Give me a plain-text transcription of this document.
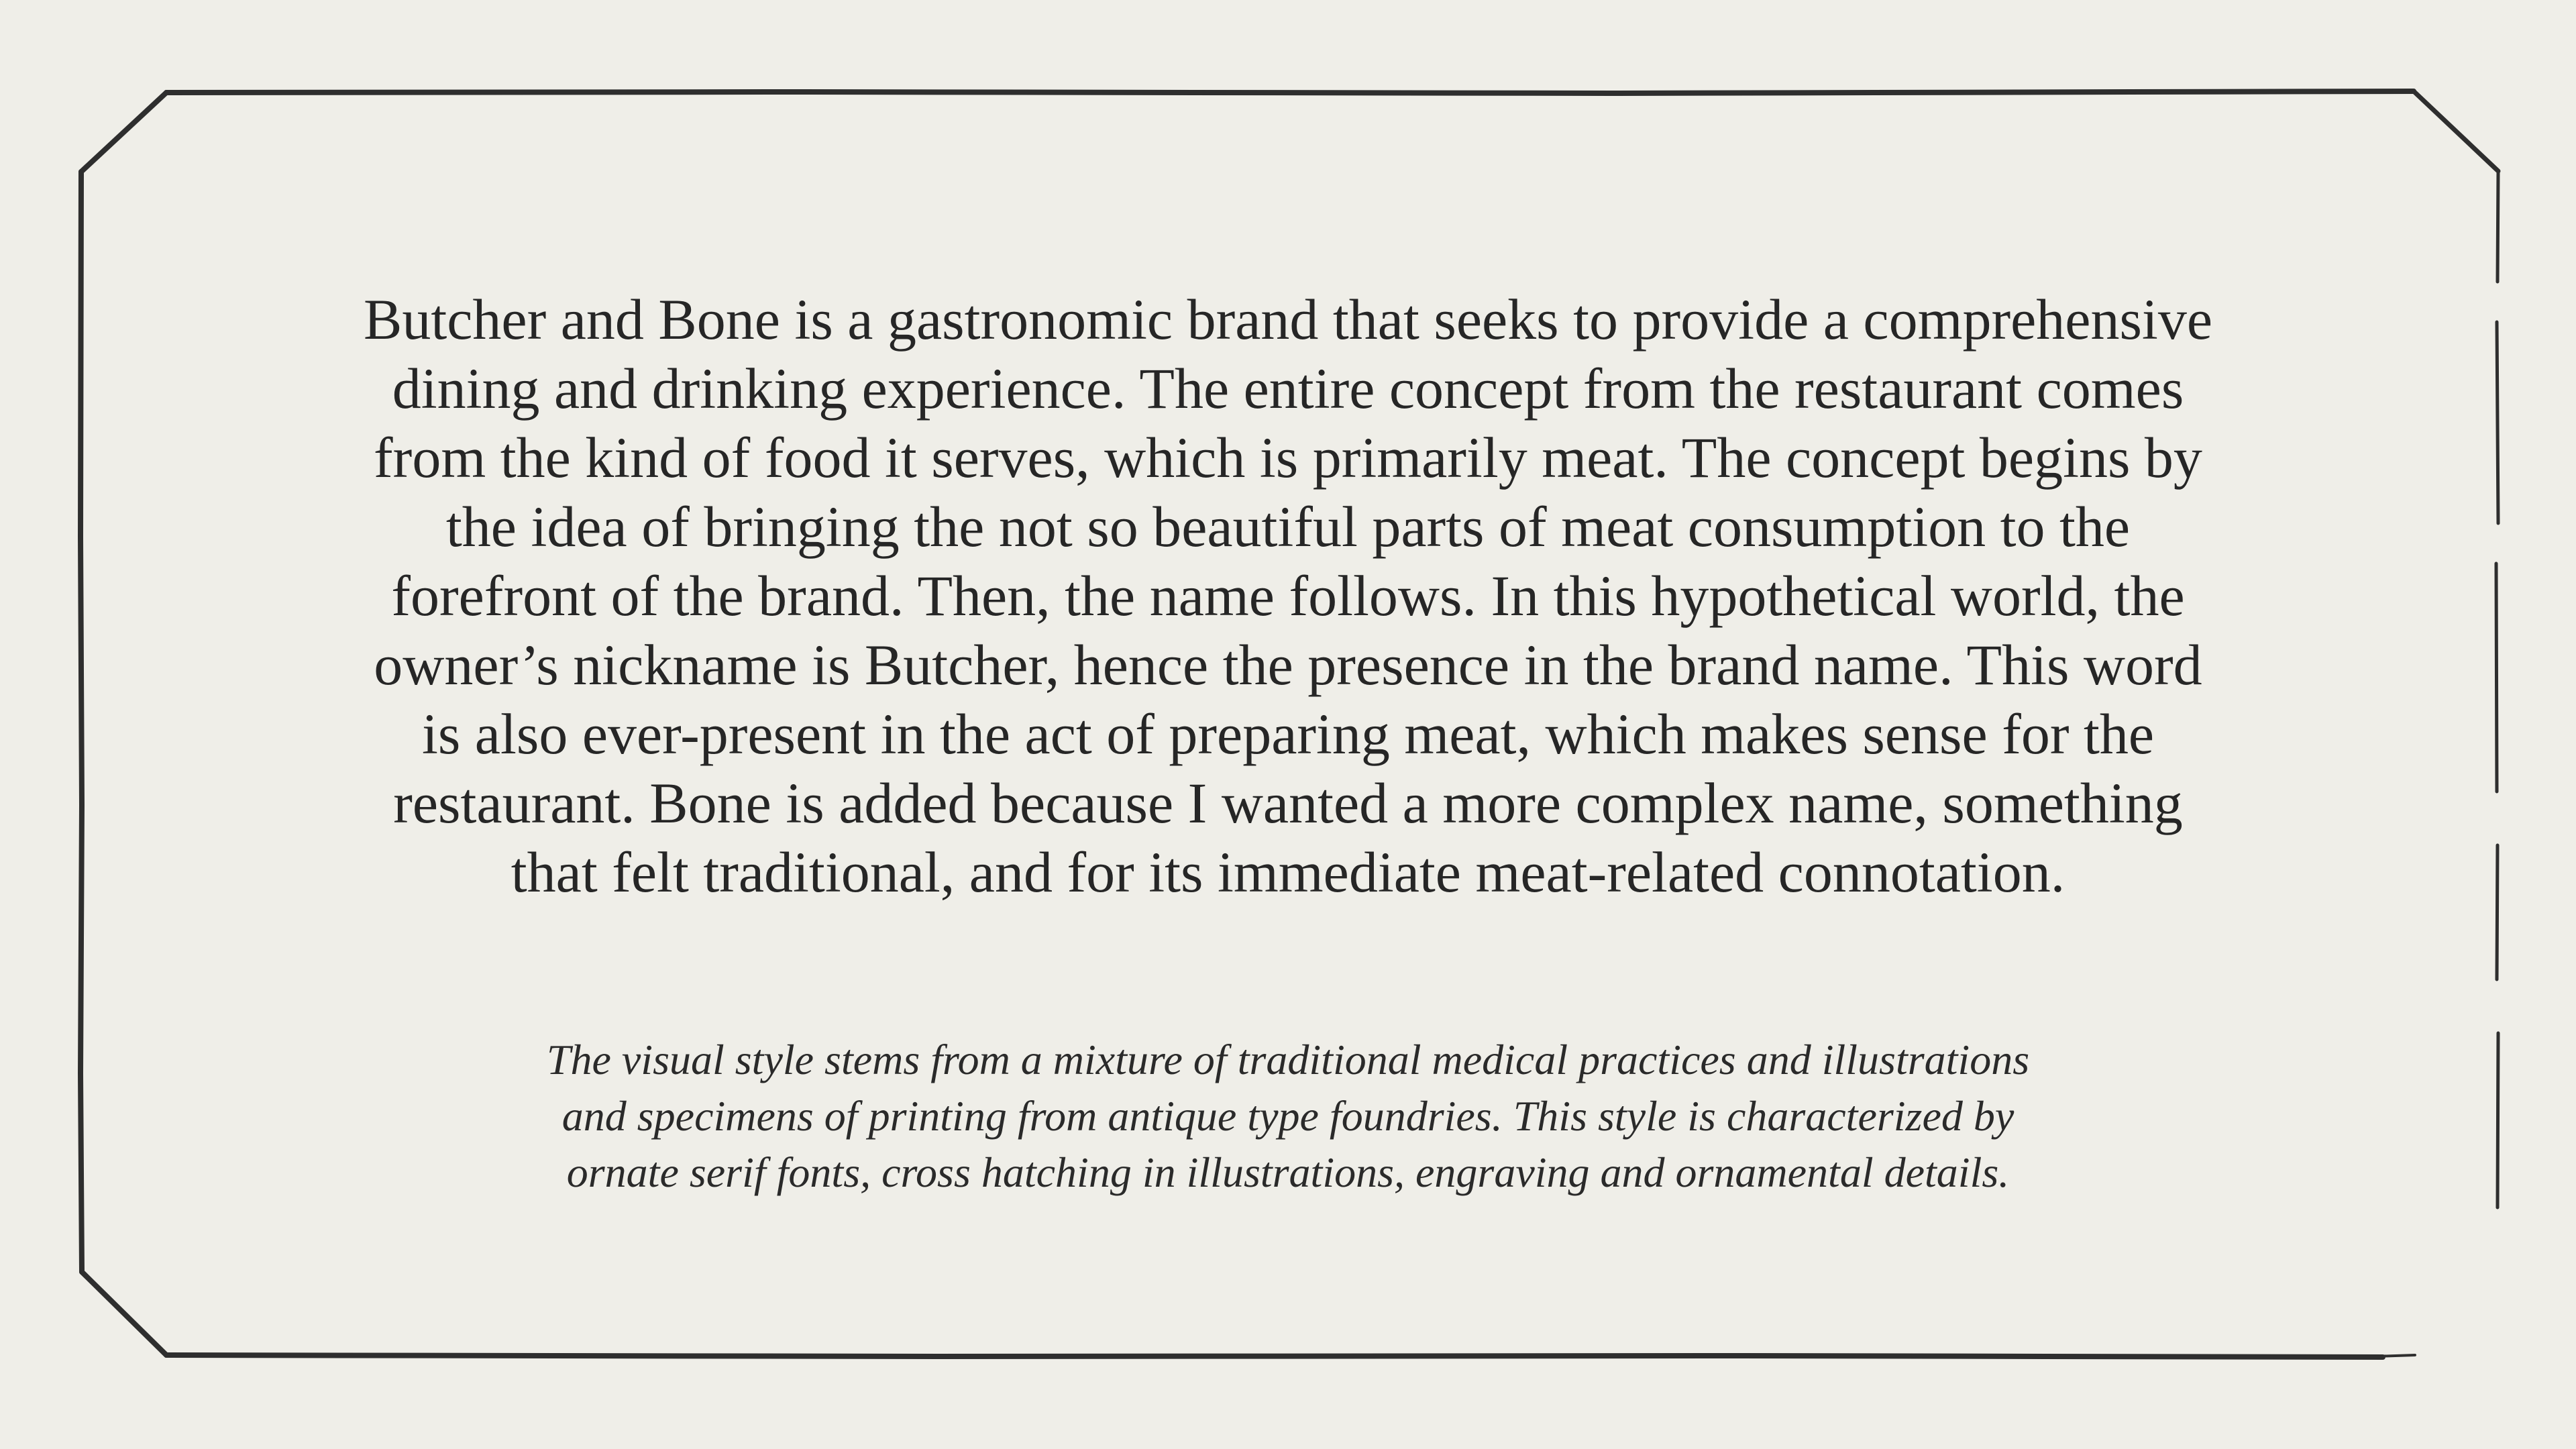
Butcher and Bone is a gastronomic brand that seeks to provide a comprehensive
dining and drinking experience. The entire concept from the restaurant comes
from the kind of food it serves, which is primarily meat. The concept begins by
the idea of bringing the not so beautiful parts of meat consumption to the
forefront of the brand. Then, the name follows. In this hypothetical world, the
owner’s nickname is Butcher, hence the presence in the brand name. This word
is also ever-present in the act of preparing meat, which makes sense for the
restaurant. Bone is added because I wanted a more complex name, something
that felt traditional, and for its immediate meat-related connotation.
The visual style stems from a mixture of traditional medical practices and illustrations
and specimens of printing from antique type foundries. This style is characterized by
ornate serif fonts, cross hatching in illustrations, engraving and ornamental details.
